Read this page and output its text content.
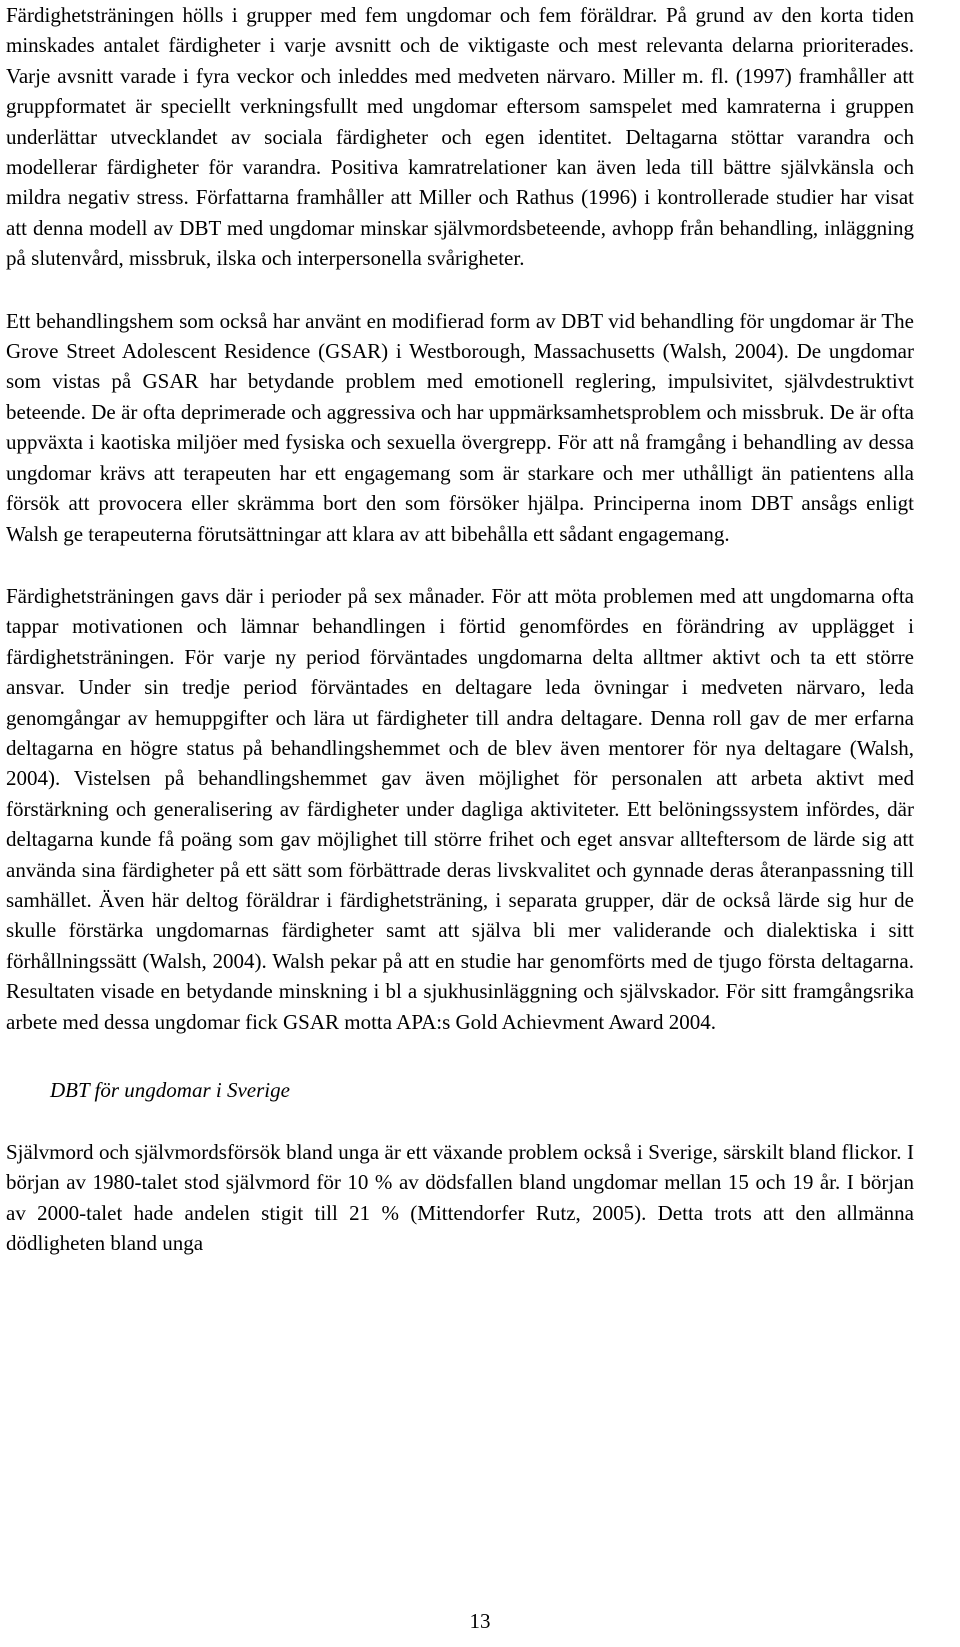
Färdighetsträningen hölls i grupper med fem ungdomar och fem föräldrar. På grund av den korta tiden minskades antalet färdigheter i varje avsnitt och de viktigaste och mest relevanta delarna prioriterades. Varje avsnitt varade i fyra veckor och inleddes med medveten närvaro. Miller m. fl. (1997) framhåller att gruppformatet är speciellt verkningsfullt med ungdomar eftersom samspelet med kamraterna i gruppen underlättar utvecklandet av sociala färdigheter och egen identitet. Deltagarna stöttar varandra och modellerar färdigheter för varandra. Positiva kamratrelationer kan även leda till bättre självkänsla och mildra negativ stress. Författarna framhåller att Miller och Rathus (1996) i kontrollerade studier har visat att denna modell av DBT med ungdomar minskar självmordsbeteende, avhopp från behandling, inläggning på slutenvård, missbruk, ilska och interpersonella svårigheter.

Ett behandlingshem som också har använt en modifierad form av DBT vid behandling för ungdomar är The Grove Street Adolescent Residence (GSAR) i Westborough, Massachusetts (Walsh, 2004). De ungdomar som vistas på GSAR har betydande problem med emotionell reglering, impulsivitet, självdestruktivt beteende. De är ofta deprimerade och aggressiva och har uppmärksamhetsproblem och missbruk. De är ofta uppväxta i kaotiska miljöer med fysiska och sexuella övergrepp. För att nå framgång i behandling av dessa ungdomar krävs att terapeuten har ett engagemang som är starkare och mer uthålligt än patientens alla försök att provocera eller skrämma bort den som försöker hjälpa. Principerna inom DBT ansågs enligt Walsh ge terapeuterna förutsättningar att klara av att bibehålla ett sådant engagemang.

Färdighetsträningen gavs där i perioder på sex månader. För att möta problemen med att ungdomarna ofta tappar motivationen och lämnar behandlingen i förtid genomfördes en förändring av upplägget i färdighetsträningen. För varje ny period förväntades ungdomarna delta alltmer aktivt och ta ett större ansvar. Under sin tredje period förväntades en deltagare leda övningar i medveten närvaro, leda genomgångar av hemuppgifter och lära ut färdigheter till andra deltagare. Denna roll gav de mer erfarna deltagarna en högre status på behandlingshemmet och de blev även mentorer för nya deltagare (Walsh, 2004). Vistelsen på behandlingshemmet gav även möjlighet för personalen att arbeta aktivt med förstärkning och generalisering av färdigheter under dagliga aktiviteter. Ett belöningssystem infördes, där deltagarna kunde få poäng som gav möjlighet till större frihet och eget ansvar allteftersom de lärde sig att använda sina färdigheter på ett sätt som förbättrade deras livskvalitet och gynnade deras återanpassning till samhället. Även här deltog föräldrar i färdighetsträning, i separata grupper, där de också lärde sig hur de skulle förstärka ungdomarnas färdigheter samt att själva bli mer validerande och dialektiska i sitt förhållningssätt (Walsh, 2004). Walsh pekar på att en studie har genomförts med de tjugo första deltagarna. Resultaten visade en betydande minskning i bl a sjukhusinläggning och självskador. För sitt framgångsrika arbete med dessa ungdomar fick GSAR motta APA:s Gold Achievment Award 2004.

DBT för ungdomar i Sverige

Självmord och självmordsförsök bland unga är ett växande problem också i Sverige, särskilt bland flickor. I början av 1980-talet stod självmord för 10 % av dödsfallen bland ungdomar mellan 15 och 19 år. I början av 2000-talet hade andelen stigit till 21 % (Mittendorfer Rutz, 2005). Detta trots att den allmänna dödligheten bland unga

13
